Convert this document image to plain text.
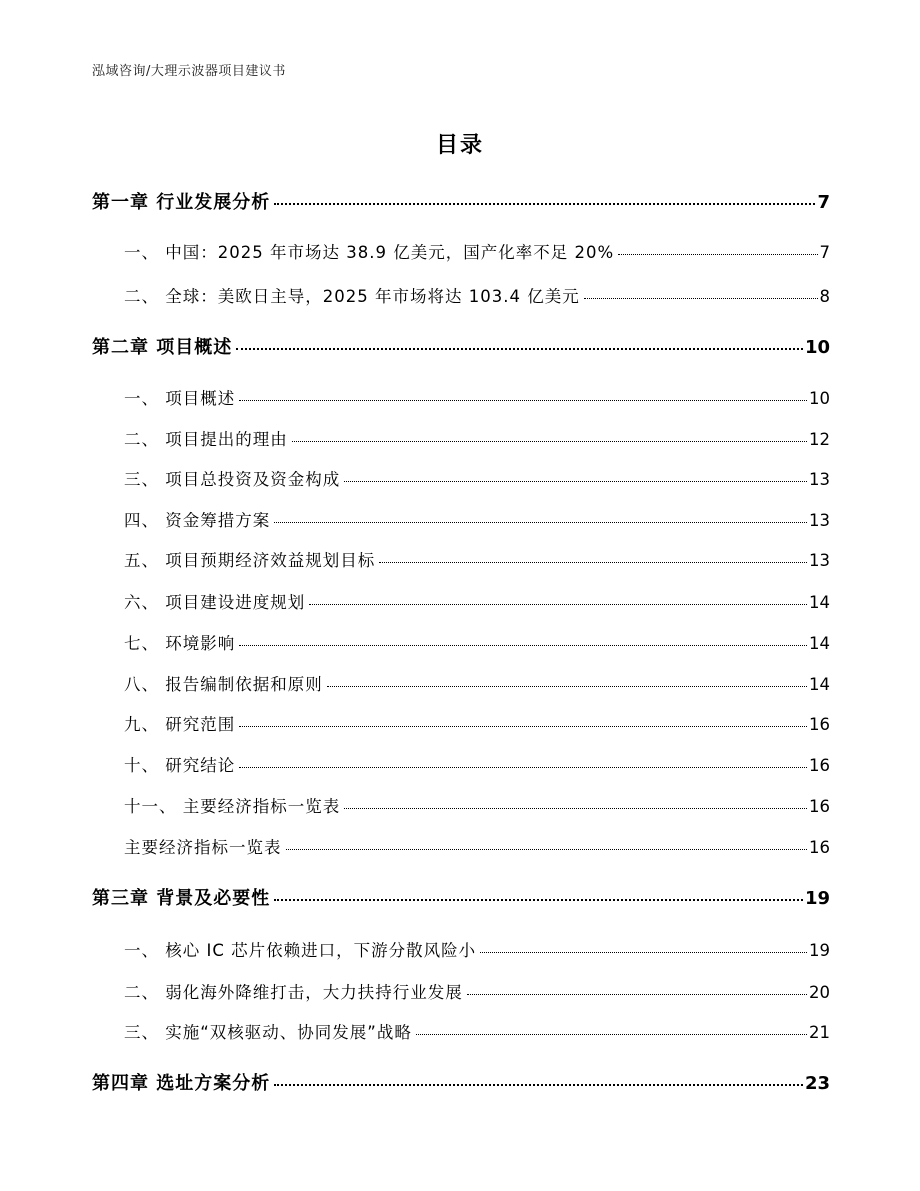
泓域咨询/大理示波器项目建议书
目录
第一章 行业发展分析	7
一、 中国：2025 年市场达 38.9 亿美元，国产化率不足 20%	7
二、 全球：美欧日主导，2025 年市场将达 103.4 亿美元	8
第二章 项目概述	10
一、 项目概述	10
二、 项目提出的理由	12
三、 项目总投资及资金构成	13
四、 资金筹措方案	13
五、 项目预期经济效益规划目标	13
六、 项目建设进度规划	14
七、 环境影响	14
八、 报告编制依据和原则	14
九、 研究范围	16
十、 研究结论	16
十一、 主要经济指标一览表	16
主要经济指标一览表	16
第三章 背景及必要性	19
一、 核心 IC 芯片依赖进口，下游分散风险小	19
二、 弱化海外降维打击，大力扶持行业发展	20
三、 实施“双核驱动、协同发展”战略	21
第四章 选址方案分析	23
